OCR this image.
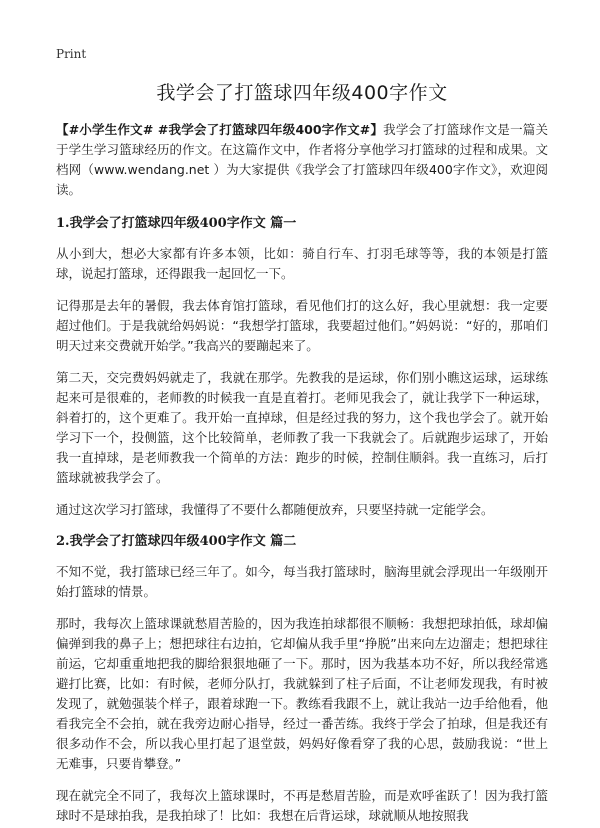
Print
我学会了打篮球四年级400字作文

【#小学生作文# #我学会了打篮球四年级400字作文#】我学会了打篮球作文是一篇关于学生学习篮球经历的作文。在这篇作文中，作者将分享他学习打篮球的过程和成果。文档网（www.wendang.net ）为大家提供《我学会了打篮球四年级400字作文》，欢迎阅读。

1.我学会了打篮球四年级400字作文 篇一

从小到大，想必大家都有许多本领，比如：骑自行车、打羽毛球等等，我的本领是打篮球，说起打篮球，还得跟我一起回忆一下。

记得那是去年的暑假，我去体育馆打篮球，看见他们打的这么好，我心里就想：我一定要超过他们。于是我就给妈妈说：“我想学打篮球，我要超过他们。”妈妈说：“好的，那咱们明天过来交费就开始学。”我高兴的要蹦起来了。

第二天，交完费妈妈就走了，我就在那学。先教我的是运球，你们别小瞧这运球，运球练起来可是很难的，老师教的时候我一直是直着打。老师见我会了，就让我学下一种运球，斜着打的，这个更难了。我开始一直掉球，但是经过我的努力，这个我也学会了。就开始学习下一个，投侧篮，这个比较简单，老师教了我一下我就会了。后就跑步运球了，开始我一直掉球，是老师教我一个简单的方法：跑步的时候，控制住顺斜。我一直练习，后打篮球就被我学会了。

通过这次学习打篮球，我懂得了不要什么都随便放弃，只要坚持就一定能学会。

2.我学会了打篮球四年级400字作文 篇二

不知不觉，我打篮球已经三年了。如今，每当我打篮球时，脑海里就会浮现出一年级刚开始打篮球的情景。

那时，我每次上篮球课就愁眉苦脸的，因为我连拍球都很不顺畅：我想把球拍低，球却偏偏弹到我的鼻子上；想把球往右边拍，它却偏从我手里“挣脱”出来向左边溜走；想把球往前运，它却重重地把我的脚给狠狠地砸了一下。那时，因为我基本功不好，所以我经常逃避打比赛，比如：有时候，老师分队打，我就躲到了柱子后面，不让老师发现我，有时被发现了，就勉强装个样子，跟着球跑一下。教练看我跟不上，就让我站一边手给他看，他看我完全不会拍，就在我旁边耐心指导，经过一番苦练。我终于学会了拍球，但是我还有很多动作不会，所以我心里打起了退堂鼓，妈妈好像看穿了我的心思，鼓励我说：“世上无难事，只要肯攀登。”

现在就完全不同了，我每次上篮球课时，不再是愁眉苦脸，而是欢呼雀跃了！因为我打篮球时不是球拍我，是我拍球了！比如：我想在后背运球，球就顺从地按照我
